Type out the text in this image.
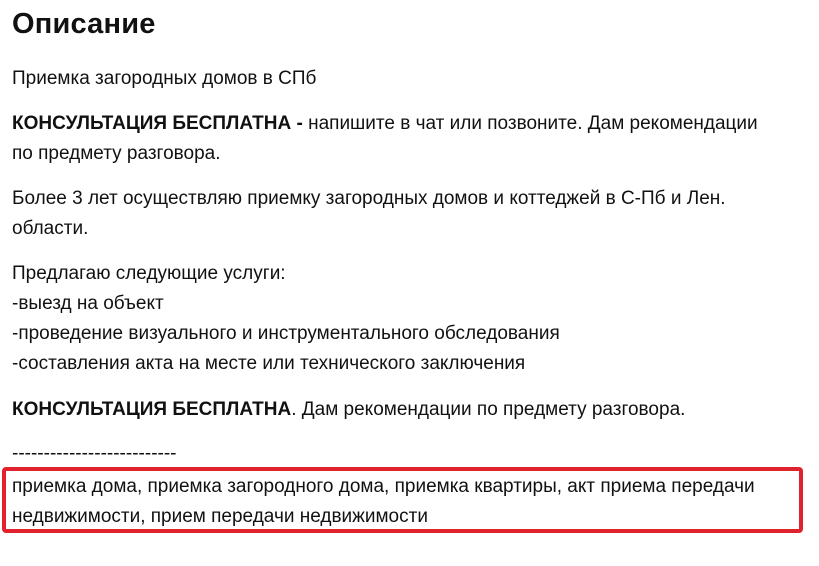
Описание
Приемка загородных домов в СПб
КОНСУЛЬТАЦИЯ БЕСПЛАТНА - напишите в чат или позвоните. Дам рекомендации
по предмету разговора.
Более 3 лет осуществляю приемку загородных домов и коттеджей в С-Пб и Лен.
области.
Предлагаю следующие услуги:
-выезд на объект
-проведение визуального и инструментального обследования
-составления акта на месте или технического заключения
КОНСУЛЬТАЦИЯ БЕСПЛАТНА. Дам рекомендации по предмету разговора.
--------------------------
приемка дома, приемка загородного дома, приемка квартиры, акт приема передачи
недвижимости, прием передачи недвижимости
